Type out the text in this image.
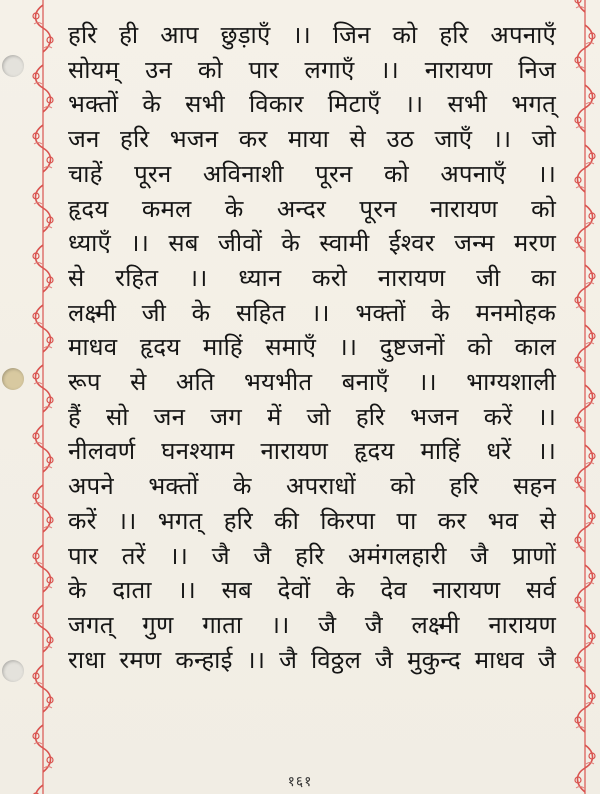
हरि ही आप छुड़ाएँ ।। जिन को हरि अपनाएँ
सोयम् उन को पार लगाएँ ।। नारायण निज
भक्तों के सभी विकार मिटाएँ ।। सभी भगत्
जन हरि भजन कर माया से उठ जाएँ ।। जो
चाहें पूरन अविनाशी पूरन को अपनाएँ ।।
हृदय कमल के अन्दर पूरन नारायण को
ध्याएँ ।। सब जीवों के स्वामी ईश्वर जन्म मरण
से रहित ।। ध्यान करो नारायण जी का
लक्ष्मी जी के सहित ।। भक्तों के मनमोहक
माधव हृदय माहिं समाएँ ।। दुष्टजनों को काल
रूप से अति भयभीत बनाएँ ।। भाग्यशाली
हैं सो जन जग में जो हरि भजन करें ।।
नीलवर्ण घनश्याम नारायण हृदय माहिं धरें ।।
अपने भक्तों के अपराधों को हरि सहन
करें ।। भगत् हरि की किरपा पा कर भव से
पार तरें ।। जै जै हरि अमंगलहारी जै प्राणों
के दाता ।। सब देवों के देव नारायण सर्व
जगत् गुण गाता ।। जै जै लक्ष्मी नारायण
राधा रमण कन्हाई ।। जै विठ्ठल जै मुकुन्द माधव जै
१६१
